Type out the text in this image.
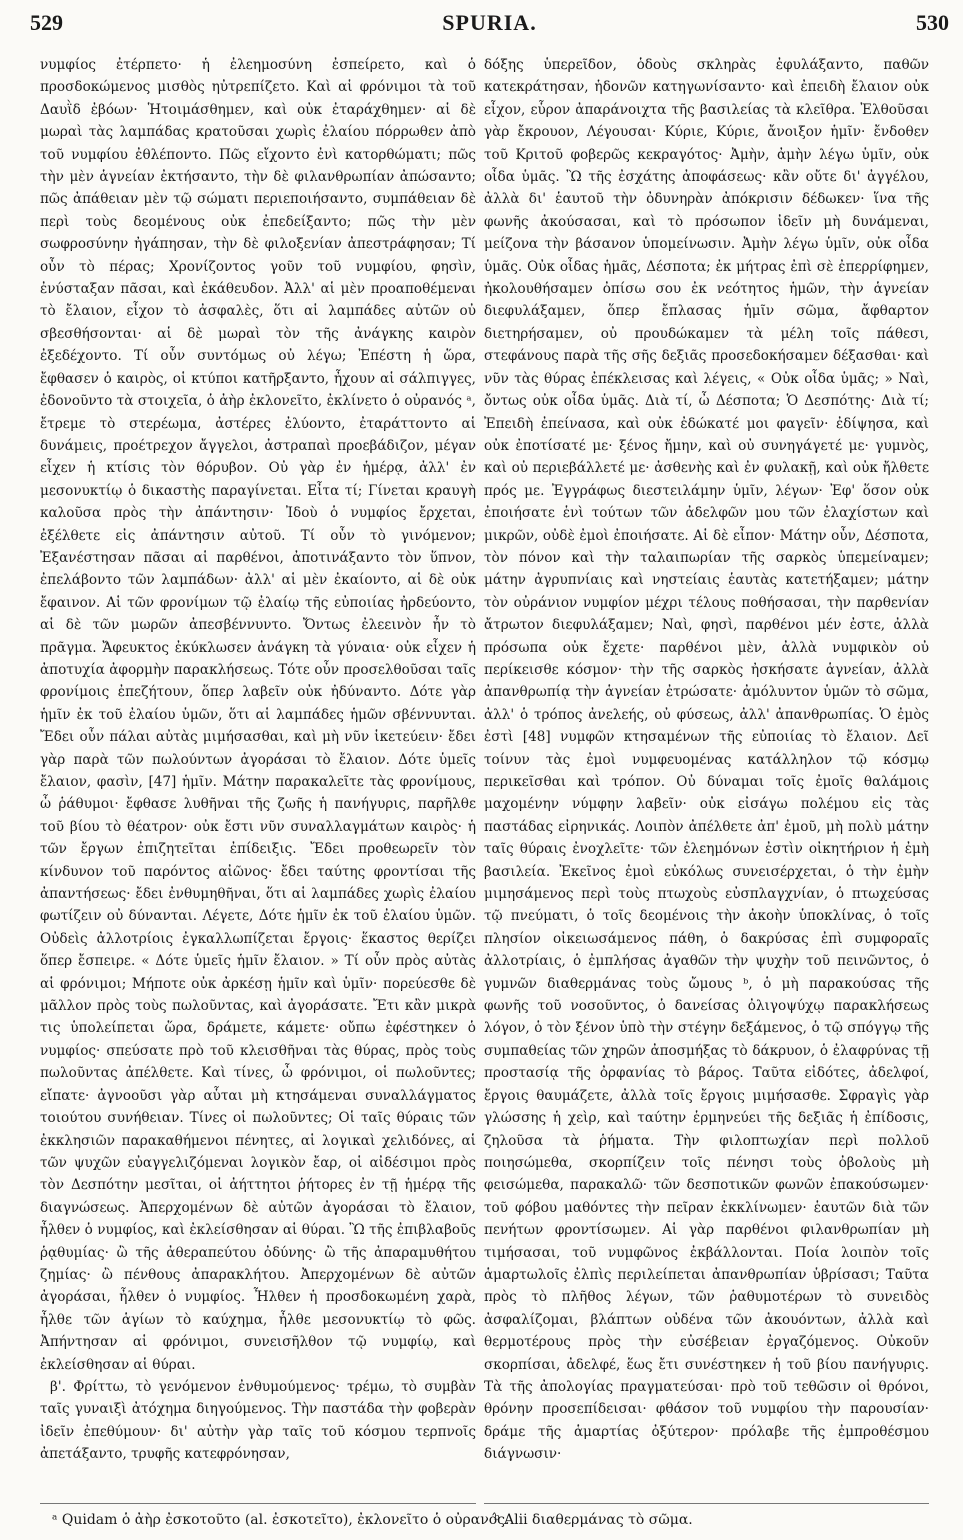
529	SPURIA.	530

νυμφίος ἐτέρπετο· ἡ ἐλεημοσύνη ἐσπείρετο, καὶ ὁ προσδοκώμενος μισθὸς ηὐτρεπίζετο. Καὶ αἱ φρόνιμοι τὰ τοῦ Δαυῒδ ἐβόων· Ἡτοιμάσθημεν, καὶ οὐκ ἐταράχθημεν· αἱ δὲ μωραὶ τὰς λαμπάδας κρατοῦσαι χωρὶς ἐλαίου πόρρωθεν ἀπὸ τοῦ νυμφίου ἐθλέποντο. Πῶς εἴχοντο ἐνὶ κατορθώματι; πῶς τὴν μὲν ἁγνείαν ἐκτήσαντο, τὴν δὲ φιλανθρωπίαν ἀπώσαντο; πῶς ἀπάθειαν μὲν τῷ σώματι περιεποιήσαντο, συμπάθειαν δὲ περὶ τοὺς δεομένους οὐκ ἐπεδείξαντο; πῶς τὴν μὲν σωφροσύνην ἠγάπησαν, τὴν δὲ φιλοξενίαν ἀπεστράφησαν; Τί οὖν τὸ πέρας; Χρονίζοντος γοῦν τοῦ νυμφίου, φησὶν, ἐνύσταξαν πᾶσαι, καὶ ἐκάθευδον. Ἀλλ' αἱ μὲν προαποθέμεναι τὸ ἔλαιον, εἶχον τὸ ἀσφαλὲς, ὅτι αἱ λαμπάδες αὐτῶν οὐ σβεσθήσονται· αἱ δὲ μωραὶ τὸν τῆς ἀνάγκης καιρὸν ἐξεδέχοντο. Τί οὖν συντόμως οὐ λέγω; Ἐπέστη ἡ ὥρα, ἔφθασεν ὁ καιρὸς, οἱ κτύποι κατῆρξαντο, ἦχουν αἱ σάλπιγγες, ἐδονοῦντο τὰ στοιχεῖα, ὁ ἀὴρ ἐκλονεῖτο, ἐκλίνετο ὁ οὐρανός ᵃ, ἔτρεμε τὸ στερέωμα, ἀστέρες ἐλύοντο, ἐταράττοντο αἱ δυνάμεις, προέτρεχον ἄγγελοι, ἀστραπαὶ προεβάδιζον, μέγαν εἶχεν ἡ κτίσις τὸν θόρυβον. Οὐ γὰρ ἐν ἡμέρᾳ, ἀλλ' ἐν μεσονυκτίῳ ὁ δικαστὴς παραγίνεται. Εἶτα τί; Γίνεται κραυγὴ καλοῦσα πρὸς τὴν ἀπάντησιν· Ἰδοὺ ὁ νυμφίος ἔρχεται, ἐξέλθετε εἰς ἀπάντησιν αὐτοῦ. Τί οὖν τὸ γινόμενον; Ἐξανέστησαν πᾶσαι αἱ παρθένοι, ἀποτινάξαντο τὸν ὕπνον, ἐπελάβοντο τῶν λαμπάδων· ἀλλ' αἱ μὲν ἐκαίοντο, αἱ δὲ οὐκ ἔφαινον. Αἱ τῶν φρονίμων τῷ ἐλαίῳ τῆς εὐποιίας ἠρδεύοντο, αἱ δὲ τῶν μωρῶν ἀπεσβέννυντο. Ὄντως ἐλεεινὸν ἦν τὸ πρᾶγμα. Ἄφευκτος ἐκύκλωσεν ἀνάγκη τὰ γύναια· οὐκ εἶχεν ἡ ἀποτυχία ἀφορμὴν παρακλήσεως. Τότε οὖν προσελθοῦσαι ταῖς φρονίμοις ἐπεζήτουν, ὅπερ λαβεῖν οὐκ ἠδύναντο. Δότε γὰρ ἡμῖν ἐκ τοῦ ἐλαίου ὑμῶν, ὅτι αἱ λαμπάδες ἡμῶν σβέννυνται. Ἔδει οὖν πάλαι αὐτὰς μιμήσασθαι, καὶ μὴ νῦν ἱκετεύειν· ἔδει γὰρ παρὰ τῶν πωλούντων ἀγοράσαι τὸ ἔλαιον. Δότε ὑμεῖς ἔλαιον, φασὶν, [47] ἡμῖν. Μάτην παρακαλεῖτε τὰς φρονίμους, ὦ ῥάθυμοι· ἔφθασε λυθῆναι τῆς ζωῆς ἡ πανήγυρις, παρῆλθε τοῦ βίου τὸ θέατρον· οὐκ ἔστι νῦν συναλλαγμάτων καιρὸς· ἡ τῶν ἔργων ἐπιζητεῖται ἐπίδειξις. Ἔδει προθεωρεῖν τὸν κίνδυνον τοῦ παρόντος αἰῶνος· ἔδει ταύτης φροντίσαι τῆς ἀπαντήσεως· ἔδει ἐνθυμηθῆναι, ὅτι αἱ λαμπάδες χωρὶς ἐλαίου φωτίζειν οὐ δύνανται. Λέγετε, Δότε ἡμῖν ἐκ τοῦ ἐλαίου ὑμῶν. Οὐδεὶς ἀλλοτρίοις ἐγκαλλωπίζεται ἔργοις· ἕκαστος θερίζει ὅπερ ἔσπειρε. « Δότε ὑμεῖς ἡμῖν ἔλαιον. » Τί οὖν πρὸς αὐτὰς αἱ φρόνιμοι; Μήποτε οὐκ ἀρκέσῃ ἡμῖν καὶ ὑμῖν· πορεύεσθε δὲ μᾶλλον πρὸς τοὺς πωλοῦντας, καὶ ἀγοράσατε. Ἔτι κἂν μικρὰ τις ὑπολείπεται ὥρα, δράμετε, κάμετε· οὔπω ἐφέστηκεν ὁ νυμφίος· σπεύσατε πρὸ τοῦ κλεισθῆναι τὰς θύρας, πρὸς τοὺς πωλοῦντας ἀπέλθετε. Καὶ τίνες, ὦ φρόνιμοι, οἱ πωλοῦντες; εἴπατε· ἀγνοοῦσι γὰρ αὗται μὴ κτησάμεναι συναλλάγματος τοιούτου συνήθειαν. Τίνες οἱ πωλοῦντες; Οἱ ταῖς θύραις τῶν ἐκκλησιῶν παρακαθήμενοι πένητες, αἱ λογικαὶ χελιδόνες, αἱ τῶν ψυχῶν εὐαγγελιζόμεναι λογικὸν ἔαρ, οἱ αἰδέσιμοι πρὸς τὸν Δεσπότην μεσῖται, οἱ ἀήττητοι ῥήτορες ἐν τῇ ἡμέρᾳ τῆς διαγνώσεως. Ἀπερχομένων δὲ αὐτῶν ἀγοράσαι τὸ ἔλαιον, ἦλθεν ὁ νυμφίος, καὶ ἐκλείσθησαν αἱ θύραι. Ὢ τῆς ἐπιβλαβοῦς ῥᾳθυμίας· ὢ τῆς ἀθεραπεύτου ὀδύνης· ὢ τῆς ἀπαραμυθήτου ζημίας· ὢ πένθους ἀπαρακλήτου. Ἀπερχομένων δὲ αὐτῶν ἀγοράσαι, ἦλθεν ὁ νυμφίος. Ἦλθεν ἡ προσδοκωμένη χαρὰ, ἦλθε τῶν ἁγίων τὸ καύχημα, ἦλθε μεσονυκτίῳ τὸ φῶς. Ἀπήντησαν αἱ φρόνιμοι, συνεισῆλθον τῷ νυμφίῳ, καὶ ἐκλείσθησαν αἱ θύραι.

β'. Φρίττω, τὸ γενόμενον ἐνθυμούμενος· τρέμω, τὸ συμβὰν ταῖς γυναιξὶ ἀτόχημα διηγούμενος. Τὴν παστάδα τὴν φοβερὰν ἰδεῖν ἐπεθύμουν· δι' αὐτὴν γὰρ ταῖς τοῦ κόσμου τερπνοῖς ἀπετάξαντο, τρυφῆς κατεφρόνησαν,

δόξης ὑπερεῖδον, ὁδοὺς σκληρὰς ἐφυλάξαντο, παθῶν κατεκράτησαν, ἡδονῶν κατηγωνίσαντο· καὶ ἐπειδὴ ἔλαιον οὐκ εἶχον, εὗρον ἀπαράνοιχτα τῆς βασιλείας τὰ κλεῖθρα. Ἐλθοῦσαι γὰρ ἔκρουον, Λέγουσαι· Κύριε, Κύριε, ἄνοιξον ἡμῖν· ἔνδοθεν τοῦ Κριτοῦ φοβερῶς κεκραγότος· Ἀμὴν, ἀμὴν λέγω ὑμῖν, οὐκ οἶδα ὑμᾶς. Ὢ τῆς ἐσχάτης ἀποφάσεως· κἂν οὔτε δι' ἀγγέλου, ἀλλὰ δι' ἑαυτοῦ τὴν ὀδυνηρὰν ἀπόκρισιν δέδωκεν· ἵνα τῆς φωνῆς ἀκούσασαι, καὶ τὸ πρόσωπον ἰδεῖν μὴ δυνάμεναι, μείζονα τὴν βάσανον ὑπομείνωσιν. Ἀμὴν λέγω ὑμῖν, οὐκ οἶδα ὑμᾶς. Οὐκ οἶδας ἡμᾶς, Δέσποτα; ἐκ μήτρας ἐπὶ σὲ ἐπερρίφημεν, ἠκολουθήσαμεν ὀπίσω σου ἐκ νεότητος ἡμῶν, τὴν ἁγνείαν διεφυλάξαμεν, ὅπερ ἔπλασας ἡμῖν σῶμα, ἄφθαρτον διετηρήσαμεν, οὐ προυδώκαμεν τὰ μέλη τοῖς πάθεσι, στεφάνους παρὰ τῆς σῆς δεξιᾶς προσεδοκήσαμεν δέξασθαι· καὶ νῦν τὰς θύρας ἐπέκλεισας καὶ λέγεις, « Οὐκ οἶδα ὑμᾶς; » Ναὶ, ὄντως οὐκ οἶδα ὑμᾶς. Διὰ τί, ὦ Δέσποτα; Ὁ Δεσπότης· Διὰ τί; Ἐπειδὴ ἐπείνασα, καὶ οὐκ ἐδώκατέ μοι φαγεῖν· ἐδίψησα, καὶ οὐκ ἐποτίσατέ με· ξένος ἤμην, καὶ οὐ συνηγάγετέ με· γυμνὸς, καὶ οὐ περιεβάλλετέ με· ἀσθενὴς καὶ ἐν φυλακῇ, καὶ οὐκ ἤλθετε πρός με. Ἐγγράφως διεστειλάμην ὑμῖν, λέγων· Ἐφ' ὅσον οὐκ ἐποιήσατε ἑνὶ τούτων τῶν ἀδελφῶν μου τῶν ἐλαχίστων καὶ μικρῶν, οὐδὲ ἐμοὶ ἐποιήσατε. Αἱ δὲ εἶπον· Μάτην οὖν, Δέσποτα, τὸν πόνον καὶ τὴν ταλαιπωρίαν τῆς σαρκὸς ὑπεμείναμεν; μάτην ἀγρυπνίαις καὶ νηστείαις ἑαυτὰς κατετήξαμεν; μάτην τὸν οὐράνιον νυμφίον μέχρι τέλους ποθήσασαι, τὴν παρθενίαν ἄτρωτον διεφυλάξαμεν; Ναὶ, φησὶ, παρθένοι μέν ἐστε, ἀλλὰ πρόσωπα οὐκ ἔχετε· παρθένοι μὲν, ἀλλὰ νυμφικὸν οὐ περίκεισθε κόσμον· τὴν τῆς σαρκὸς ἠσκήσατε ἁγνείαν, ἀλλὰ ἀπανθρωπίᾳ τὴν ἁγνείαν ἐτρώσατε· ἀμόλυντον ὑμῶν τὸ σῶμα, ἀλλ' ὁ τρόπος ἀνελεής, οὐ φύσεως, ἀλλ' ἀπανθρωπίας. Ὁ ἐμὸς ἐστὶ [48] νυμφῶν κτησαμένων τῆς εὐποιίας τὸ ἔλαιον. Δεῖ τοίνυν τὰς ἐμοὶ νυμφευομένας κατάλληλον τῷ κόσμῳ περικεῖσθαι καὶ τρόπον. Οὐ δύναμαι τοῖς ἐμοῖς θαλάμοις μαχομένην νύμφην λαβεῖν· οὐκ εἰσάγω πολέμου εἰς τὰς παστάδας εἰρηνικάς. Λοιπὸν ἀπέλθετε ἀπ' ἐμοῦ, μὴ πολὺ μάτην ταῖς θύραις ἐνοχλεῖτε· τῶν ἐλεημόνων ἐστὶν οἰκητήριον ἡ ἐμὴ βασιλεία. Ἐκεῖνος ἐμοὶ εὐκόλως συνεισέρχεται, ὁ τὴν ἐμὴν μιμησάμενος περὶ τοὺς πτωχοὺς εὐσπλαγχνίαν, ὁ πτωχεύσας τῷ πνεύματι, ὁ τοῖς δεομένοις τὴν ἀκοὴν ὑποκλίνας, ὁ τοῖς πλησίον οἰκειωσάμενος πάθη, ὁ δακρύσας ἐπὶ συμφοραῖς ἀλλοτρίαις, ὁ ἐμπλήσας ἀγαθῶν τὴν ψυχὴν τοῦ πεινῶντος, ὁ γυμνῶν διαθερμάνας τοὺς ὤμους ᵇ, ὁ μὴ παρακούσας τῆς φωνῆς τοῦ νοσοῦντος, ὁ δανείσας ὀλιγοψύχῳ παρακλήσεως λόγον, ὁ τὸν ξένον ὑπὸ τὴν στέγην δεξάμενος, ὁ τῷ σπόγγῳ τῆς συμπαθείας τῶν χηρῶν ἀποσμήξας τὸ δάκρυον, ὁ ἐλαφρύνας τῇ προστασίᾳ τῆς ὀρφανίας τὸ βάρος. Ταῦτα εἰδότες, ἀδελφοί, ἔργοις θαυμάζετε, ἀλλὰ τοῖς ἔργοις μιμήσασθε. Σφραγὶς γὰρ γλώσσης ἡ χεὶρ, καὶ ταύτην ἑρμηνεύει τῆς δεξιᾶς ἡ ἐπίδοσις, ζηλοῦσα τὰ ῥήματα. Τὴν φιλοπτωχίαν περὶ πολλοῦ ποιησώμεθα, σκορπίζειν τοῖς πένησι τοὺς ὀβολοὺς μὴ φεισώμεθα, παρακαλῶ· τῶν δεσποτικῶν φωνῶν ἐπακούσωμεν· τοῦ φόβου μαθόντες τὴν πεῖραν ἐκκλίνωμεν· ἑαυτῶν διὰ τῶν πενήτων φροντίσωμεν. Αἱ γὰρ παρθένοι φιλανθρωπίαν μὴ τιμήσασαι, τοῦ νυμφῶνος ἐκβάλλονται. Ποία λοιπὸν τοῖς ἁμαρτωλοῖς ἐλπὶς περιλείπεται ἀπανθρωπίαν ὑβρίσασι; Ταῦτα πρὸς τὸ πλῆθος λέγων, τῶν ῥαθυμοτέρων τὸ συνειδὸς ἀσφαλίζομαι, βλάπτων οὐδένα τῶν ἀκουόντων, ἀλλὰ καὶ θερμοτέρους πρὸς τὴν εὐσέβειαν ἐργαζόμενος. Οὐκοῦν σκορπίσαι, ἀδελφέ, ἕως ἔτι συνέστηκεν ἡ τοῦ βίου πανήγυρις. Τὰ τῆς ἀπολογίας πραγματεύσαι· πρὸ τοῦ τεθῶσιν οἱ θρόνοι, θρόνην προσεπίδεισαι· φθάσον τοῦ νυμφίου τὴν παρουσίαν· δράμε τῆς ἁμαρτίας ὀξύτερον· πρόλαβε τῆς ἐμπροθέσμου διάγνωσιν·

ᵃ Quidam ὁ ἀὴρ ἐσκοτοῦτο (al. ἐσκοτεῖτο), ἐκλονεῖτο ὁ οὐρανός.
ᵇ Alii διαθερμάνας τὸ σῶμα.
